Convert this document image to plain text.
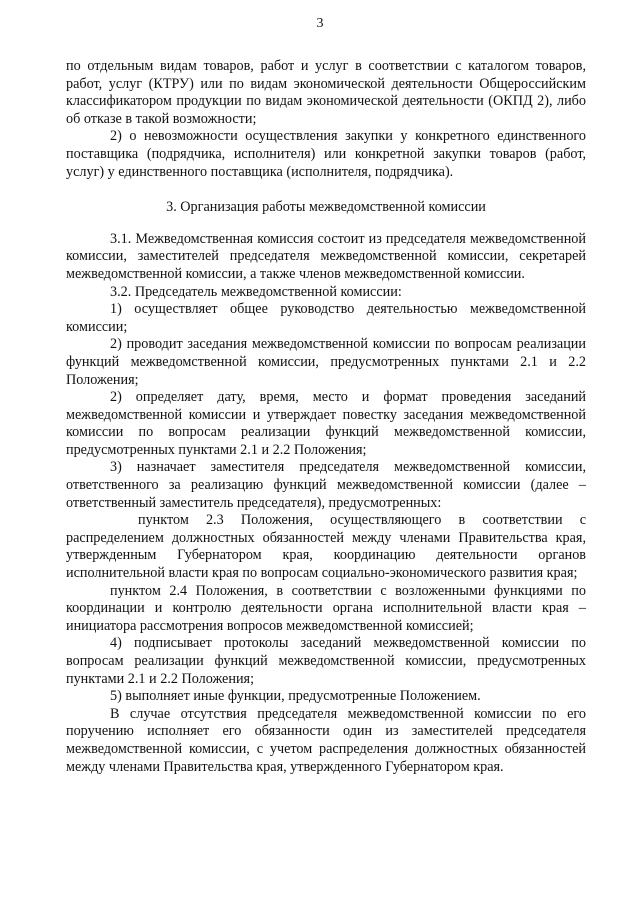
3

по отдельным видам товаров, работ и услуг в соответствии с каталогом товаров, работ, услуг (КТРУ) или по видам экономической деятельности Общероссийским классификатором продукции по видам экономической деятельности (ОКПД 2), либо об отказе в такой возможности;

2) о невозможности осуществления закупки у конкретного единственного поставщика (подрядчика, исполнителя) или конкретной закупки товаров (работ, услуг) у единственного поставщика (исполнителя, подрядчика).

3. Организация работы межведомственной комиссии

3.1. Межведомственная комиссия состоит из председателя межведомственной комиссии, заместителей председателя межведомственной комиссии, секретарей межведомственной комиссии, а также членов межведомственной комиссии.

3.2. Председатель межведомственной комиссии:

1) осуществляет общее руководство деятельностью межведомственной комиссии;

2) проводит заседания межведомственной комиссии по вопросам реализации функций межведомственной комиссии, предусмотренных пунктами 2.1 и 2.2 Положения;

2) определяет дату, время, место и формат проведения заседаний межведомственной комиссии и утверждает повестку заседания межведомственной комиссии по вопросам реализации функций межведомственной комиссии, предусмотренных пунктами 2.1 и 2.2 Положения;

3) назначает заместителя председателя межведомственной комиссии, ответственного за реализацию функций межведомственной комиссии (далее – ответственный заместитель председателя), предусмотренных:

пунктом 2.3 Положения, осуществляющего в соответствии с распределением должностных обязанностей между членами Правительства края, утвержденным Губернатором края, координацию деятельности органов исполнительной власти края по вопросам социально-экономического развития края;

пунктом 2.4 Положения, в соответствии с возложенными функциями по координации и контролю деятельности органа исполнительной власти края – инициатора рассмотрения вопросов межведомственной комиссией;

4) подписывает протоколы заседаний межведомственной комиссии по вопросам реализации функций межведомственной комиссии, предусмотренных пунктами 2.1 и 2.2 Положения;

5) выполняет иные функции, предусмотренные Положением.

В случае отсутствия председателя межведомственной комиссии по его поручению исполняет его обязанности один из заместителей председателя межведомственной комиссии, с учетом распределения должностных обязанностей между членами Правительства края, утвержденного Губернатором края.
